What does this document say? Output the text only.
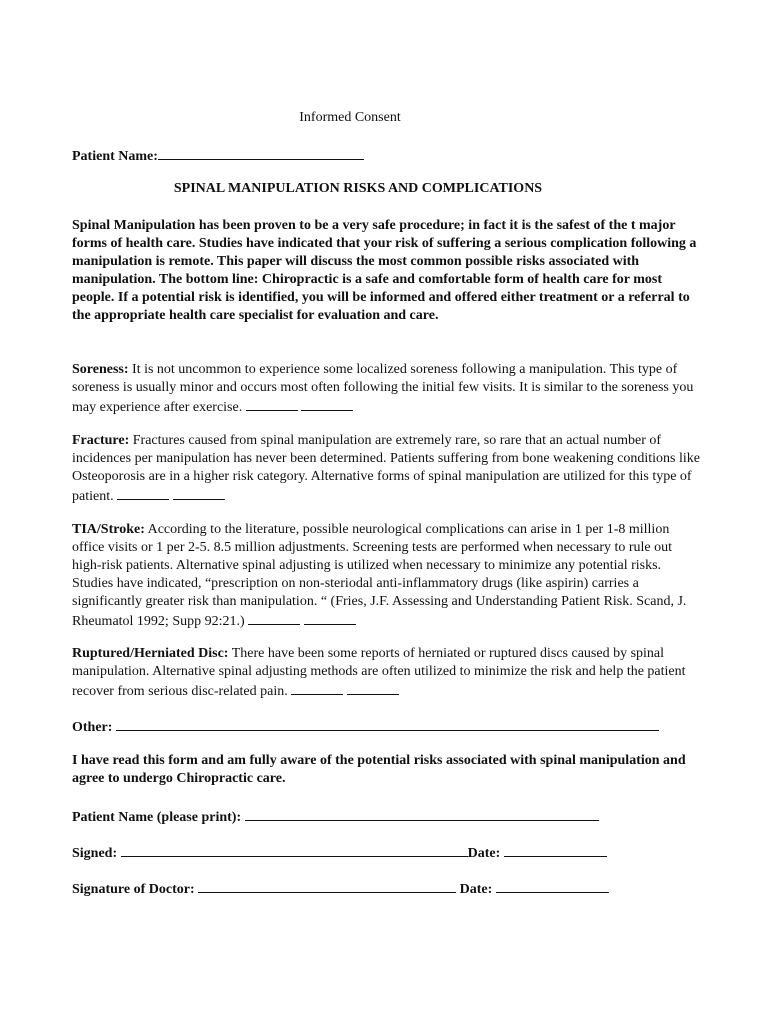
Informed Consent
Patient Name:
SPINAL MANIPULATION RISKS AND COMPLICATIONS

Spinal Manipulation has been proven to be a very safe procedure; in fact it is the safest of the t major forms of health care. Studies have indicated that your risk of suffering a serious complication following a manipulation is remote. This paper will discuss the most common possible risks associated with manipulation. The bottom line: Chiropractic is a safe and comfortable form of health care for most people. If a potential risk is identified, you will be informed and offered either treatment or a referral to the appropriate health care specialist for evaluation and care.

Soreness: It is not uncommon to experience some localized soreness following a manipulation. This type of soreness is usually minor and occurs most often following the initial few visits. It is similar to the soreness you may experience after exercise.

Fracture: Fractures caused from spinal manipulation are extremely rare, so rare that an actual number of incidences per manipulation has never been determined. Patients suffering from bone weakening conditions like Osteoporosis are in a higher risk category. Alternative forms of spinal manipulation are utilized for this type of patient.

TIA/Stroke: According to the literature, possible neurological complications can arise in 1 per 1-8 million office visits or 1 per 2-5. 8.5 million adjustments. Screening tests are performed when necessary to rule out high-risk patients. Alternative spinal adjusting is utilized when necessary to minimize any potential risks. Studies have indicated, “prescription on non-steriodal anti-inflammatory drugs (like aspirin) carries a significantly greater risk than manipulation. “ (Fries, J.F. Assessing and Understanding Patient Risk. Scand, J. Rheumatol 1992; Supp 92:21.)

Ruptured/Herniated Disc: There have been some reports of herniated or ruptured discs caused by spinal manipulation. Alternative spinal adjusting methods are often utilized to minimize the risk and help the patient recover from serious disc-related pain.

Other:

I have read this form and am fully aware of the potential risks associated with spinal manipulation and agree to undergo Chiropractic care.

Patient Name (please print):
Signed:	Date:
Signature of Doctor:	Date:
